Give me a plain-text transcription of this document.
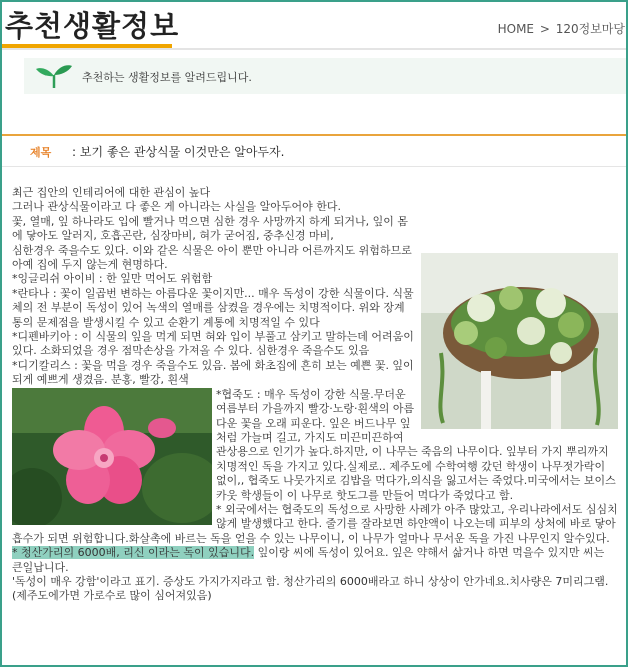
추천생활정보	HOME > 120정보마당
추천하는 생활정보를 알려드립니다.
제목 : 보기 좋은 관상식물 이것만은 알아두자.

최근 집안의 인테리어에 대한 관심이 높다

그러나 관상식물이라고 다 좋은 게 아니라는 사실을 알아두어야 한다.

꽃, 열매, 잎 하나라도 입에 빨거나 먹으면 심한 경우 사망까지 하게 되거나, 잎이 몸에 닿아도 알러지, 호흡곤란, 심장마비, 혀가 굳어짐, 중추신경 마비,

심한경우 죽을수도 있다. 이와 같은 식물은 아이 뿐만 아니라 어른까지도 위험하므로 아예 집에 두지 않는게 현명하다.

*잉글리쉬 아이비 : 한 잎만 먹어도 위험함

*란타나 : 꽃이 일곱번 변하는 아름다운 꽃이지만... 매우 독성이 강한 식물이다. 식물체의 전 부분이 독성이 있어 녹색의 열매를 삼켰을 경우에는 치명적이다. 위와 장계통의 문제점을 발생시킬 수 있고 순환기 계통에 치명적일 수 있다

*디펜바키아 : 이 식물의 잎을 먹게 되면 혀와 입이 부풀고 삼키고 말하는데 어려움이 있다. 소화되었을 경우 점막손상을 가져올 수 있다. 심한경우 죽을수도 있음

*디기칼리스 : 꽃을 먹을 경우 죽을수도 있음. 봄에 화초집에 흔히 보는 예쁜 꽃. 잎이 되게 예쁘게 생겼음. 분홍, 빨강, 흰색

*협죽도 : 매우 독성이 강한 식물.무더운 여름부터 가을까지 빨강·노랑·흰색의 아름다운 꽃을 오래 피운다. 잎은 버드나무 잎처럼 가늘며 길고, 가지도 미끈미끈하여 관상용으로 인기가 높다.하지만, 이 나무는 죽음의 나무이다. 잎부터 가지 뿌리까지 치명적인 독을 가지고 있다.실제로.. 제주도에 수학여행 갔던 학생이 나무젓가락이 없이,, 협죽도 나뭇가지로 김밥을 먹다가,의식을 잃고서는 죽었다.미국에서는 보이스카웃 학생들이 이 나무로 핫도그를 만들어 먹다가 죽었다고 함.

* 외국에서는 협죽도의 독성으로 사망한 사례가 아주 많았고, 우리나라에서도 심심치 않게 발생했다고 한다. 줄기를 잘라보면 하얀액이 나오는데 피부의 상처에 바로 닿아 흡수가 되면 위험합니다.화살촉에 바르는 독을 얻을 수 있는 나무이니, 이 나무가 얼마나 무서운 독을 가진 나무인지 알수있다.

* 청산가리의 6000배, 리신 이라는 독이 있습니다. 잎이랑 씨에 독성이 있어요. 잎은 약해서 삶거나 하면 먹을수 있지만 씨는 큰일납니다.

'독성이 매우 강함'이라고 표기. 증상도 가지가지라고 함. 청산가리의 6000배라고 하니 상상이 안가네요.치사량은 7미리그램.(제주도에가면 가로수로 많이 심어져있음)
